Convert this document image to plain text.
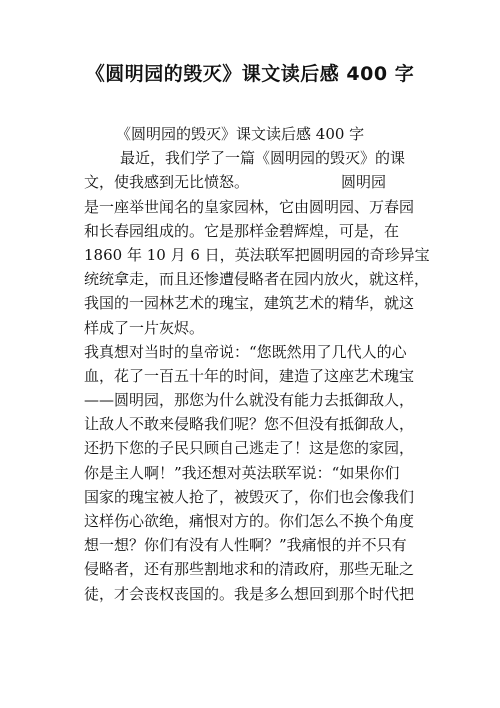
《圆明园的毁灭》课文读后感 400 字
《圆明园的毁灭》课文读后感 400 字
最近，我们学了一篇《圆明园的毁灭》的课
文，使我感到无比愤怒。	圆明园
是一座举世闻名的皇家园林，它由圆明园、万春园
和长春园组成的。它是那样金碧辉煌，可是，在
1860 年 10 月 6 日，英法联军把圆明园的奇珍异宝
统统拿走，而且还惨遭侵略者在园内放火，就这样，
我国的一园林艺术的瑰宝，建筑艺术的精华，就这
样成了一片灰烬。
我真想对当时的皇帝说：“您既然用了几代人的心
血，花了一百五十年的时间，建造了这座艺术瑰宝
——圆明园，那您为什么就没有能力去抵御敌人，
让敌人不敢来侵略我们呢？您不但没有抵御敌人，
还扔下您的子民只顾自己逃走了！这是您的家园，
你是主人啊！”我还想对英法联军说：“如果你们
国家的瑰宝被人抢了，被毁灭了，你们也会像我们
这样伤心欲绝，痛恨对方的。你们怎么不换个角度
想一想？你们有没有人性啊？”我痛恨的并不只有
侵略者，还有那些割地求和的清政府，那些无耻之
徒，才会丧权丧国的。我是多么想回到那个时代把
